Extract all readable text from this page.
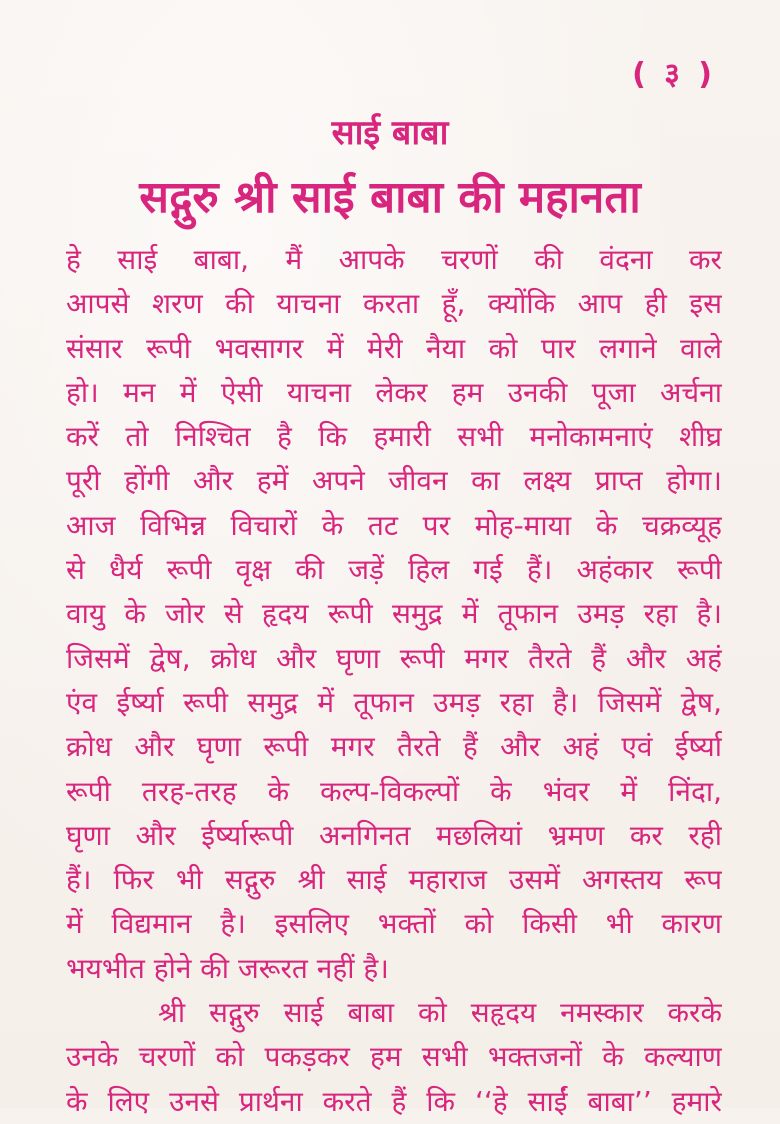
( ३ )
साई बाबा
सद्गुरु श्री साई बाबा की महानता
हे साई बाबा, मैं आपके चरणों की वंदना कर
आपसे शरण की याचना करता हूँ, क्योंकि आप ही इस
संसार रूपी भवसागर में मेरी नैया को पार लगाने वाले
हो। मन में ऐसी याचना लेकर हम उनकी पूजा अर्चना
करें तो निश्चित है कि हमारी सभी मनोकामनाएं शीघ्र
पूरी होंगी और हमें अपने जीवन का लक्ष्य प्राप्त होगा।
आज विभिन्न विचारों के तट पर मोह-माया के चक्रव्यूह
से धैर्य रूपी वृक्ष की जड़ें हिल गई हैं। अहंकार रूपी
वायु के जोर से हृदय रूपी समुद्र में तूफान उमड़ रहा है।
जिसमें द्वेष, क्रोध और घृणा रूपी मगर तैरते हैं और अहं
एंव ईर्ष्या रूपी समुद्र में तूफान उमड़ रहा है। जिसमें द्वेष,
क्रोध और घृणा रूपी मगर तैरते हैं और अहं एवं ईर्ष्या
रूपी तरह-तरह के कल्प-विकल्पों के भंवर में निंदा,
घृणा और ईर्ष्यारूपी अनगिनत मछलियां भ्रमण कर रही
हैं। फिर भी सद्गुरु श्री साई महाराज उसमें अगस्तय रूप
में विद्यमान है। इसलिए भक्तों को किसी भी कारण
भयभीत होने की जरूरत नहीं है।
श्री सद्गुरु साई बाबा को सहृदय नमस्कार करके
उनके चरणों को पकड़कर हम सभी भक्तजनों के कल्याण
के लिए उनसे प्रार्थना करते हैं कि ‘‘हे साईं बाबा’’ हमारे
